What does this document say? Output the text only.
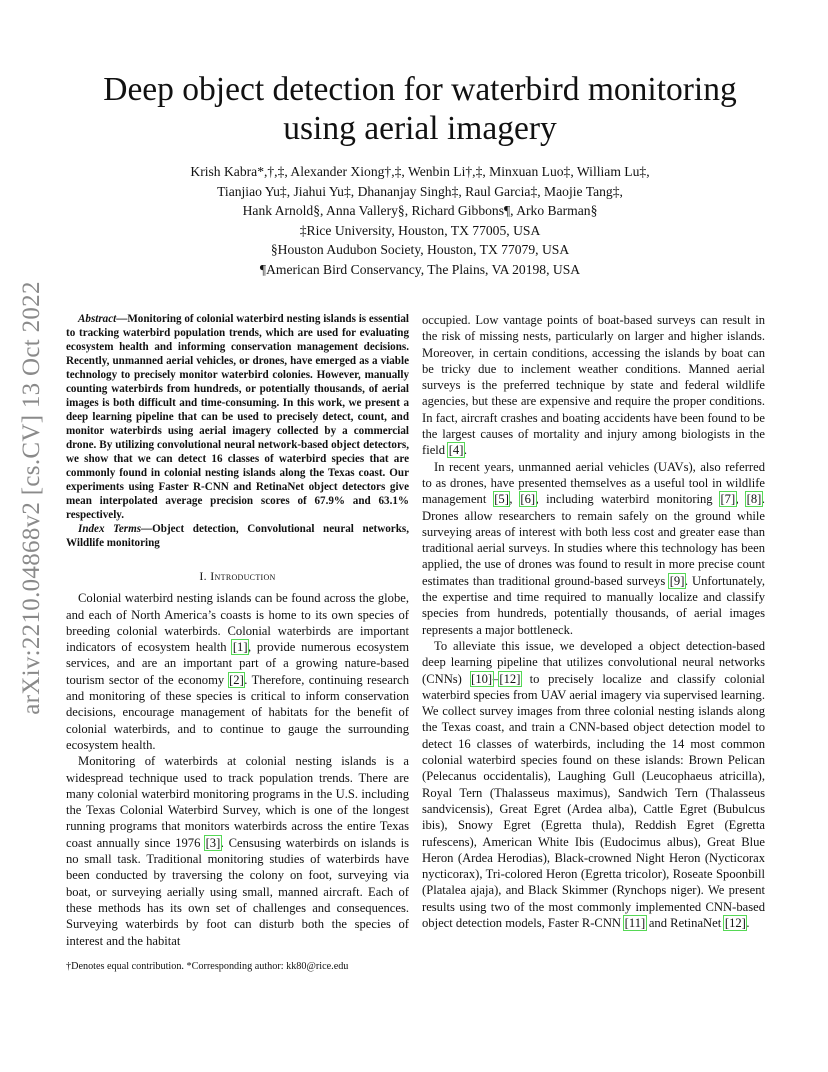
arXiv:2210.04868v2 [cs.CV] 13 Oct 2022
Deep object detection for waterbird monitoring
using aerial imagery
Krish Kabra*,†,‡, Alexander Xiong†,‡, Wenbin Li†,‡, Minxuan Luo‡, William Lu‡,
Tianjiao Yu‡, Jiahui Yu‡, Dhananjay Singh‡, Raul Garcia‡, Maojie Tang‡,
Hank Arnold§, Anna Vallery§, Richard Gibbons¶, Arko Barman§
‡Rice University, Houston, TX 77005, USA
§Houston Audubon Society, Houston, TX 77079, USA
¶American Bird Conservancy, The Plains, VA 20198, USA

Abstract—Monitoring of colonial waterbird nesting islands is essential to tracking waterbird population trends, which are used for evaluating ecosystem health and informing conservation management decisions. Recently, unmanned aerial vehicles, or drones, have emerged as a viable technology to precisely monitor waterbird colonies. However, manually counting waterbirds from hundreds, or potentially thousands, of aerial images is both difficult and time-consuming. In this work, we present a deep learning pipeline that can be used to precisely detect, count, and monitor waterbirds using aerial imagery collected by a commercial drone. By utilizing convolutional neural network-based object detectors, we show that we can detect 16 classes of waterbird species that are commonly found in colonial nesting islands along the Texas coast. Our experiments using Faster R-CNN and RetinaNet object detectors give mean interpolated average precision scores of 67.9% and 63.1% respectively.

Index Terms—Object detection, Convolutional neural networks, Wildlife monitoring

I. Introduction

Colonial waterbird nesting islands can be found across the globe, and each of North America’s coasts is home to its own species of breeding colonial waterbirds. Colonial waterbirds are important indicators of ecosystem health [1], provide numerous ecosystem services, and are an important part of a growing nature-based tourism sector of the economy [2]. Therefore, continuing research and monitoring of these species is critical to inform conservation decisions, encourage management of habitats for the benefit of colonial waterbirds, and to continue to gauge the surrounding ecosystem health.

Monitoring of waterbirds at colonial nesting islands is a widespread technique used to track population trends. There are many colonial waterbird monitoring programs in the U.S. including the Texas Colonial Waterbird Survey, which is one of the longest running programs that monitors waterbirds across the entire Texas coast annually since 1976 [3]. Censusing waterbirds on islands is no small task. Traditional monitoring studies of waterbirds have been conducted by traversing the colony on foot, surveying via boat, or surveying aerially using small, manned aircraft. Each of these methods has its own set of challenges and consequences. Surveying waterbirds by foot can disturb both the species of interest and the habitat

occupied. Low vantage points of boat-based surveys can result in the risk of missing nests, particularly on larger and higher islands. Moreover, in certain conditions, accessing the islands by boat can be tricky due to inclement weather conditions. Manned aerial surveys is the preferred technique by state and federal wildlife agencies, but these are expensive and require the proper conditions. In fact, aircraft crashes and boating accidents have been found to be the largest causes of mortality and injury among biologists in the field [4].

In recent years, unmanned aerial vehicles (UAVs), also referred to as drones, have presented themselves as a useful tool in wildlife management [5], [6], including waterbird monitoring [7], [8]. Drones allow researchers to remain safely on the ground while surveying areas of interest with both less cost and greater ease than traditional aerial surveys. In studies where this technology has been applied, the use of drones was found to result in more precise count estimates than traditional ground-based surveys [9]. Unfortunately, the expertise and time required to manually localize and classify species from hundreds, potentially thousands, of aerial images represents a major bottleneck.

To alleviate this issue, we developed a object detection-based deep learning pipeline that utilizes convolutional neural networks (CNNs) [10]–[12] to precisely localize and classify colonial waterbird species from UAV aerial imagery via supervised learning. We collect survey images from three colonial nesting islands along the Texas coast, and train a CNN-based object detection model to detect 16 classes of waterbirds, including the 14 most common colonial waterbird species found on these islands: Brown Pelican (Pelecanus occidentalis), Laughing Gull (Leucophaeus atricilla), Royal Tern (Thalasseus maximus), Sandwich Tern (Thalasseus sandvicensis), Great Egret (Ardea alba), Cattle Egret (Bubulcus ibis), Snowy Egret (Egretta thula), Reddish Egret (Egretta rufescens), American White Ibis (Eudocimus albus), Great Blue Heron (Ardea Herodias), Black-crowned Night Heron (Nycticorax nycticorax), Tri-colored Heron (Egretta tricolor), Roseate Spoonbill (Platalea ajaja), and Black Skimmer (Rynchops niger). We present results using two of the most commonly implemented CNN-based object detection models, Faster R-CNN [11] and RetinaNet [12].

†Denotes equal contribution. *Corresponding author: kk80@rice.edu
